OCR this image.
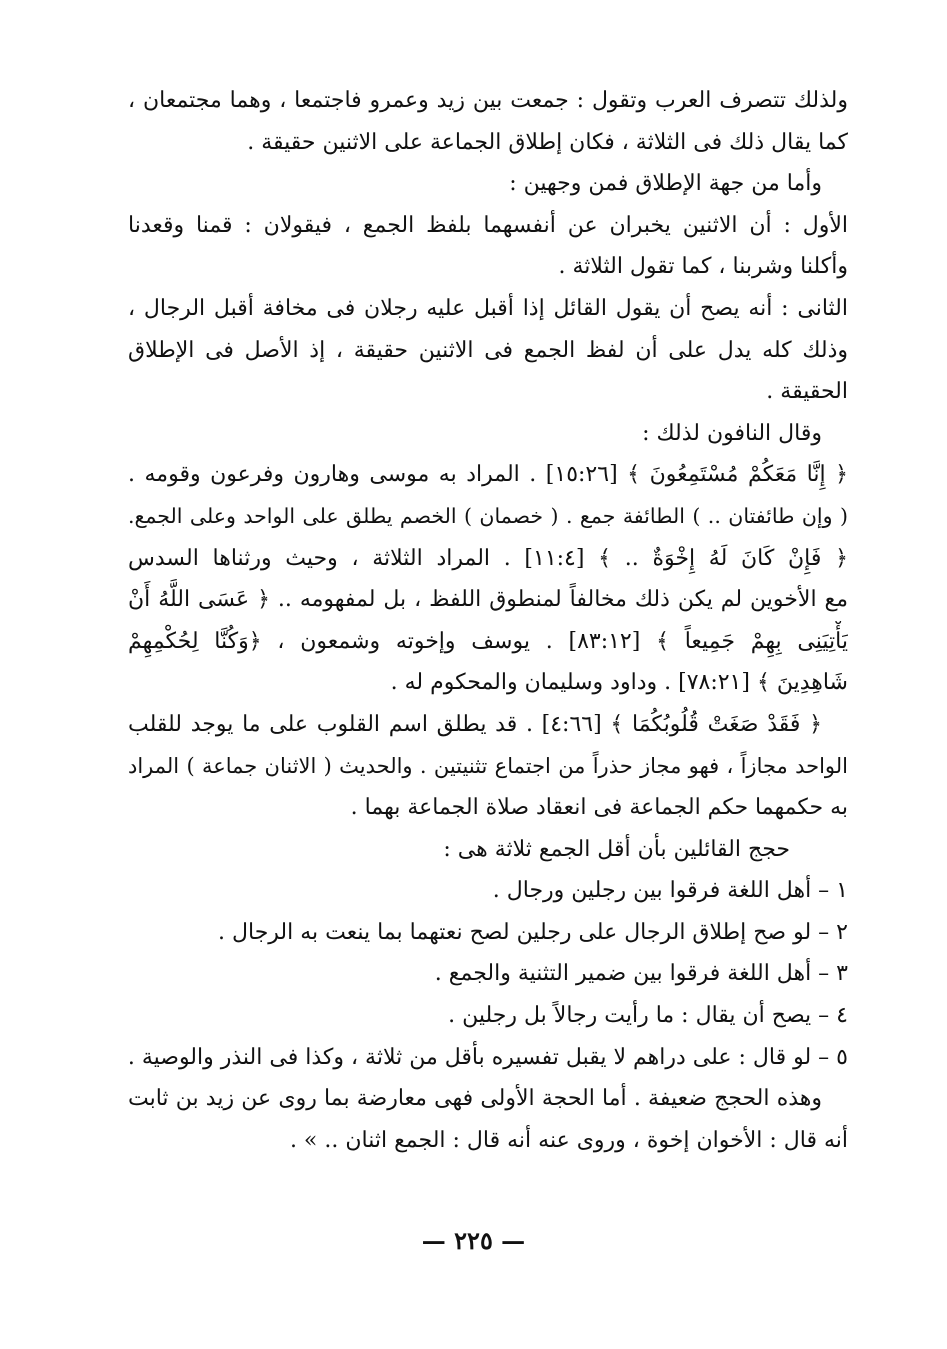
ولذلك تتصرف العرب وتقول : جمعت بين زيد وعمرو فاجتمعا ، وهما مجتمعان ،
كما يقال ذلك فى الثلاثة ، فكان إطلاق الجماعة على الاثنين حقيقة .
وأما من جهة الإطلاق فمن وجهين :
الأول : أن الاثنين يخبران عن أنفسهما بلفظ الجمع ، فيقولان : قمنا وقعدنا
وأكلنا وشربنا ، كما تقول الثلاثة .
الثانى : أنه يصح أن يقول القائل إذا أقبل عليه رجلان فى مخافة أقبل الرجال ،
وذلك كله يدل على أن لفظ الجمع فى الاثنين حقيقة ، إذ الأصل فى الإطلاق
الحقيقة .
وقال النافون لذلك :
﴿ إِنَّا مَعَكُمْ مُسْتَمِعُونَ ﴾ [١٥:٢٦] . المراد به موسى وهارون وفرعون وقومه .
( وإن طائفتان .. ) الطائفة جمع . ( خصمان ) الخصم يطلق على الواحد وعلى الجمع.
﴿ فَإِنْ كَانَ لَهُ إِخْوَةٌ .. ﴾ [١١:٤] . المراد الثلاثة ، وحيث ورثناها السدس
مع الأخوين لم يكن ذلك مخالفاً لمنطوق اللفظ ، بل لمفهومه .. ﴿ عَسَى اللَّهُ أَنْ
يَأْتِيَنِى بِهِمْ جَمِيعاً ﴾ [٨٣:١٢] . يوسف وإخوته وشمعون ، ﴿وَكُنَّا لِحُكْمِهِمْ
شَاهِدِينَ ﴾ [٧٨:٢١] . وداود وسليمان والمحكوم له .
﴿ فَقَدْ صَغَتْ قُلُوبُكُمَا ﴾ [٤:٦٦] . قد يطلق اسم القلوب على ما يوجد للقلب
الواحد مجازاً ، فهو مجاز حذراً من اجتماع تثنيتين . والحديث ( الاثنان جماعة ) المراد
به حكمهما حكم الجماعة فى انعقاد صلاة الجماعة بهما .
حجج القائلين بأن أقل الجمع ثلاثة هى :
١ – أهل اللغة فرقوا بين رجلين ورجال .
٢ – لو صح إطلاق الرجال على رجلين لصح نعتهما بما ينعت به الرجال .
٣ – أهل اللغة فرقوا بين ضمير التثنية والجمع .
٤ – يصح أن يقال : ما رأيت رجالاً بل رجلين .
٥ – لو قال : على دراهم لا يقبل تفسيره بأقل من ثلاثة ، وكذا فى النذر والوصية .
وهذه الحجج ضعيفة . أما الحجة الأولى فهى معارضة بما روى عن زيد بن ثابت
أنه قال : الأخوان إخوة ، وروى عنه أنه قال : الجمع اثنان .. » .
— ٢٢٥ —
